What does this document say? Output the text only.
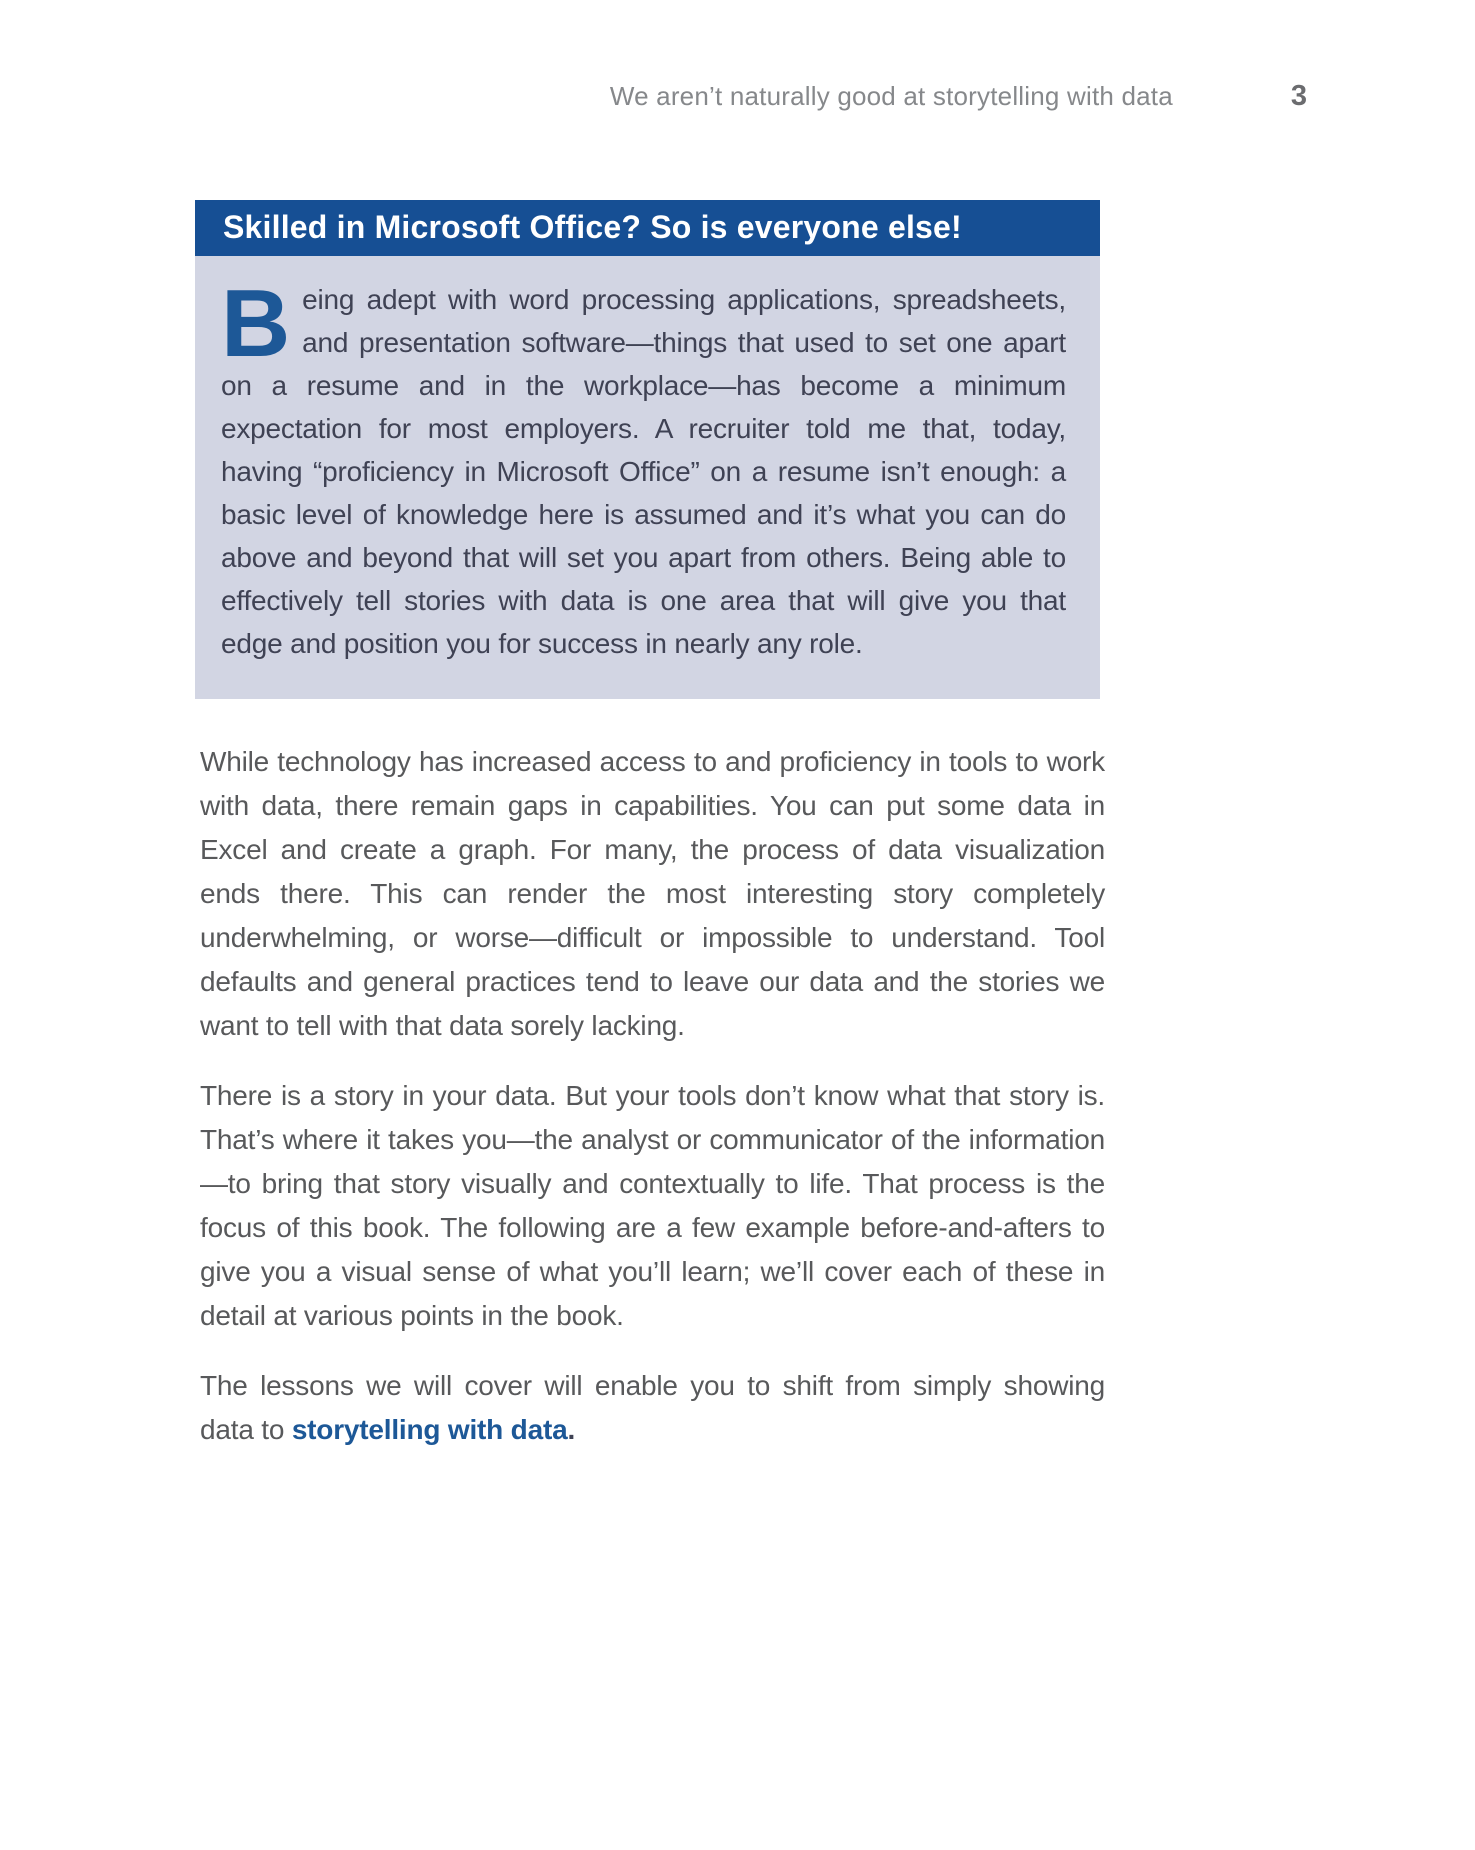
We aren’t naturally good at storytelling with data	3
Skilled in Microsoft Office? So is everyone else!

Being adept with word processing applications, spreadsheets, and presentation software—things that used to set one apart on a resume and in the workplace—has become a minimum expectation for most employers. A recruiter told me that, today, having “proficiency in Microsoft Office” on a resume isn’t enough: a basic level of knowledge here is assumed and it’s what you can do above and beyond that will set you apart from others. Being able to effectively tell stories with data is one area that will give you that edge and position you for success in nearly any role.

While technology has increased access to and proficiency in tools to work with data, there remain gaps in capabilities. You can put some data in Excel and create a graph. For many, the process of data visualization ends there. This can render the most interesting story completely underwhelming, or worse—difficult or impossible to understand. Tool defaults and general practices tend to leave our data and the stories we want to tell with that data sorely lacking.

There is a story in your data. But your tools don’t know what that story is. That’s where it takes you—the analyst or communicator of the information—to bring that story visually and contextually to life. That process is the focus of this book. The following are a few example before-and-afters to give you a visual sense of what you’ll learn; we’ll cover each of these in detail at various points in the book.

The lessons we will cover will enable you to shift from simply showing data to storytelling with data.
